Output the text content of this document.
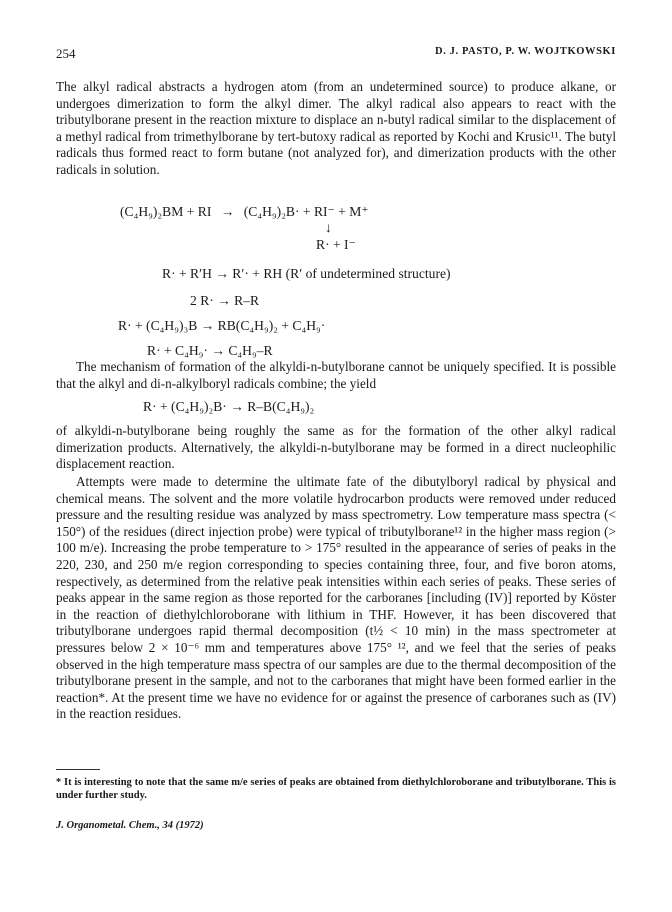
254	D. J. PASTO, P. W. WOJTKOWSKI

The alkyl radical abstracts a hydrogen atom (from an undetermined source) to produce alkane, or undergoes dimerization to form the alkyl dimer. The alkyl radical also appears to react with the tributylborane present in the reaction mixture to displace an n-butyl radical similar to the displacement of a methyl radical from trimethylborane by tert-butoxy radical as reported by Kochi and Krusic¹¹. The butyl radicals thus formed react to form butane (not analyzed for), and dimerization products with the other radicals in solution.

(C₄H₉)₂BM + RI → (C₄H₉)₂B· + RI⁻ + M⁺
↓
R· + I⁻
R· + R′H → R′· + RH (R′ of undetermined structure)
2 R· → R–R
R· + (C₄H₉)₃B → RB(C₄H₉)₂ + C₄H₉·
R· + C₄H₉· → C₄H₉–R

The mechanism of formation of the alkyldi-n-butylborane cannot be uniquely specified. It is possible that the alkyl and di-n-alkylboryl radicals combine; the yield

R· + (C₄H₉)₂B· → R–B(C₄H₉)₂

of alkyldi-n-butylborane being roughly the same as for the formation of the other alkyl radical dimerization products. Alternatively, the alkyldi-n-butylborane may be formed in a direct nucleophilic displacement reaction.

Attempts were made to determine the ultimate fate of the dibutylboryl radical by physical and chemical means. The solvent and the more volatile hydrocarbon products were removed under reduced pressure and the resulting residue was analyzed by mass spectrometry. Low temperature mass spectra (< 150°) of the residues (direct injection probe) were typical of tributylborane¹² in the higher mass region (> 100 m/e). Increasing the probe temperature to > 175° resulted in the appearance of series of peaks in the 220, 230, and 250 m/e region corresponding to species containing three, four, and five boron atoms, respectively, as determined from the relative peak intensities within each series of peaks. These series of peaks appear in the same region as those reported for the carboranes [including (IV)] reported by Köster in the reaction of diethylchloroborane with lithium in THF. However, it has been discovered that tributylborane undergoes rapid thermal decomposition (t½ < 10 min) in the mass spectrometer at pressures below 2 × 10⁻⁶ mm and temperatures above 175° ¹², and we feel that the series of peaks observed in the high temperature mass spectra of our samples are due to the thermal decomposition of the tributylborane present in the sample, and not to the carboranes that might have been formed earlier in the reaction*. At the present time we have no evidence for or against the presence of carboranes such as (IV) in the reaction residues.

* It is interesting to note that the same m/e series of peaks are obtained from diethylchloroborane and tributylborane. This is under further study.
J. Organometal. Chem., 34 (1972)
